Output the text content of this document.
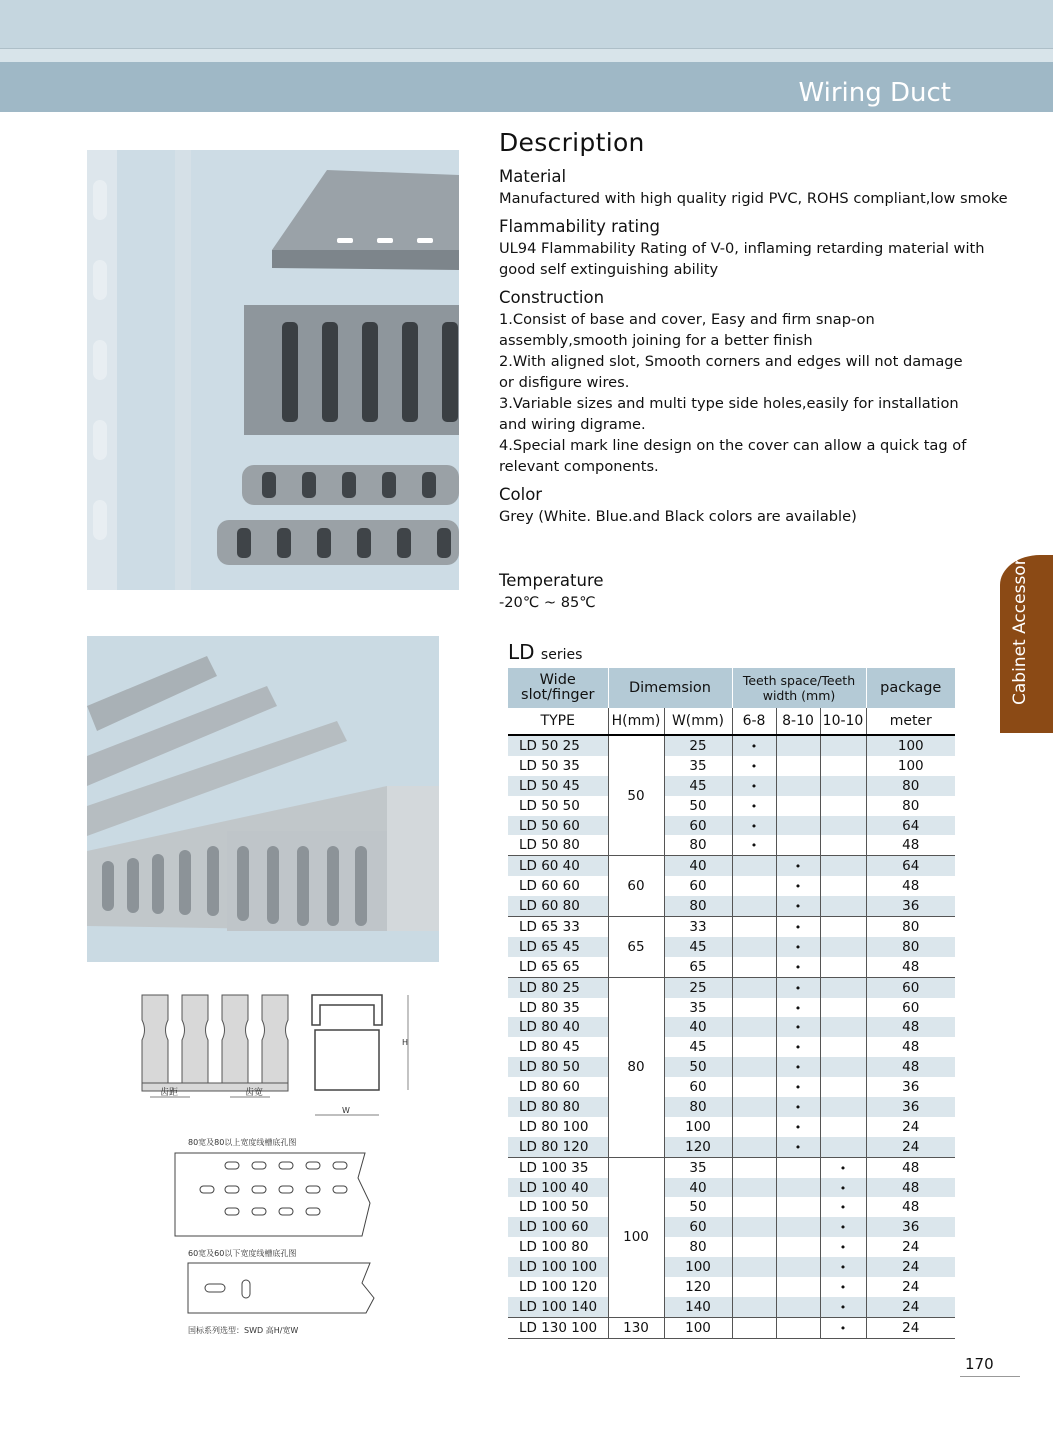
Wiring Duct
Cabinet Accessories
齿距	齿宽
H
W
80宽及80以上宽度线槽底孔图
60宽及60以下宽度线槽底孔图
国标系列选型：SWD 高H/宽W
Description
Material

Manufactured with high quality rigid PVC, ROHS compliant,low smoke

Flammability rating

UL94 Flammability Rating of V-0, inflaming retarding material with

good self extinguishing ability

Construction

1.Consist of base and cover, Easy and firm snap-on

assembly,smooth joining for a better finish

2.With aligned slot, Smooth corners and edges will not damage

or disfigure wires.

3.Variable sizes and multi type side holes,easily for installation

and wiring digrame.

4.Special mark line design on the cover can allow a quick tag of

relevant components.

Color

Grey (White. Blue.and Black colors are available)

Temperature

-20℃ ~ 85℃

LD series
Wide slot/finger	Dimemsion		Teeth space/Teeth width (mm)			package
TYPE	H(mm)	W(mm)	6-8	8-10	10-10	meter
LD 50 25	50	25	•			100
LD 50 35		35	•			100
LD 50 45		45	•			80
LD 50 50		50	•			80
LD 50 60		60	•			64
LD 50 80		80	•			48
LD 60 40	60	40		•		64
LD 60 60		60		•		48
LD 60 80		80		•		36
LD 65 33	65	33		•		80
LD 65 45		45		•		80
LD 65 65		65		•		48
LD 80 25	80	25		•		60
LD 80 35		35		•		60
LD 80 40		40		•		48
LD 80 45		45		•		48
LD 80 50		50		•		48
LD 80 60		60		•		36
LD 80 80		80		•		36
LD 80 100		100		•		24
LD 80 120		120		•		24
LD 100 35	100	35			•	48
LD 100 40		40			•	48
LD 100 50		50			•	48
LD 100 60		60			•	36
LD 100 80		80			•	24
LD 100 100		100			•	24
LD 100 120		120			•	24
LD 100 140		140			•	24
LD 130 100	130	100			•	24
170
